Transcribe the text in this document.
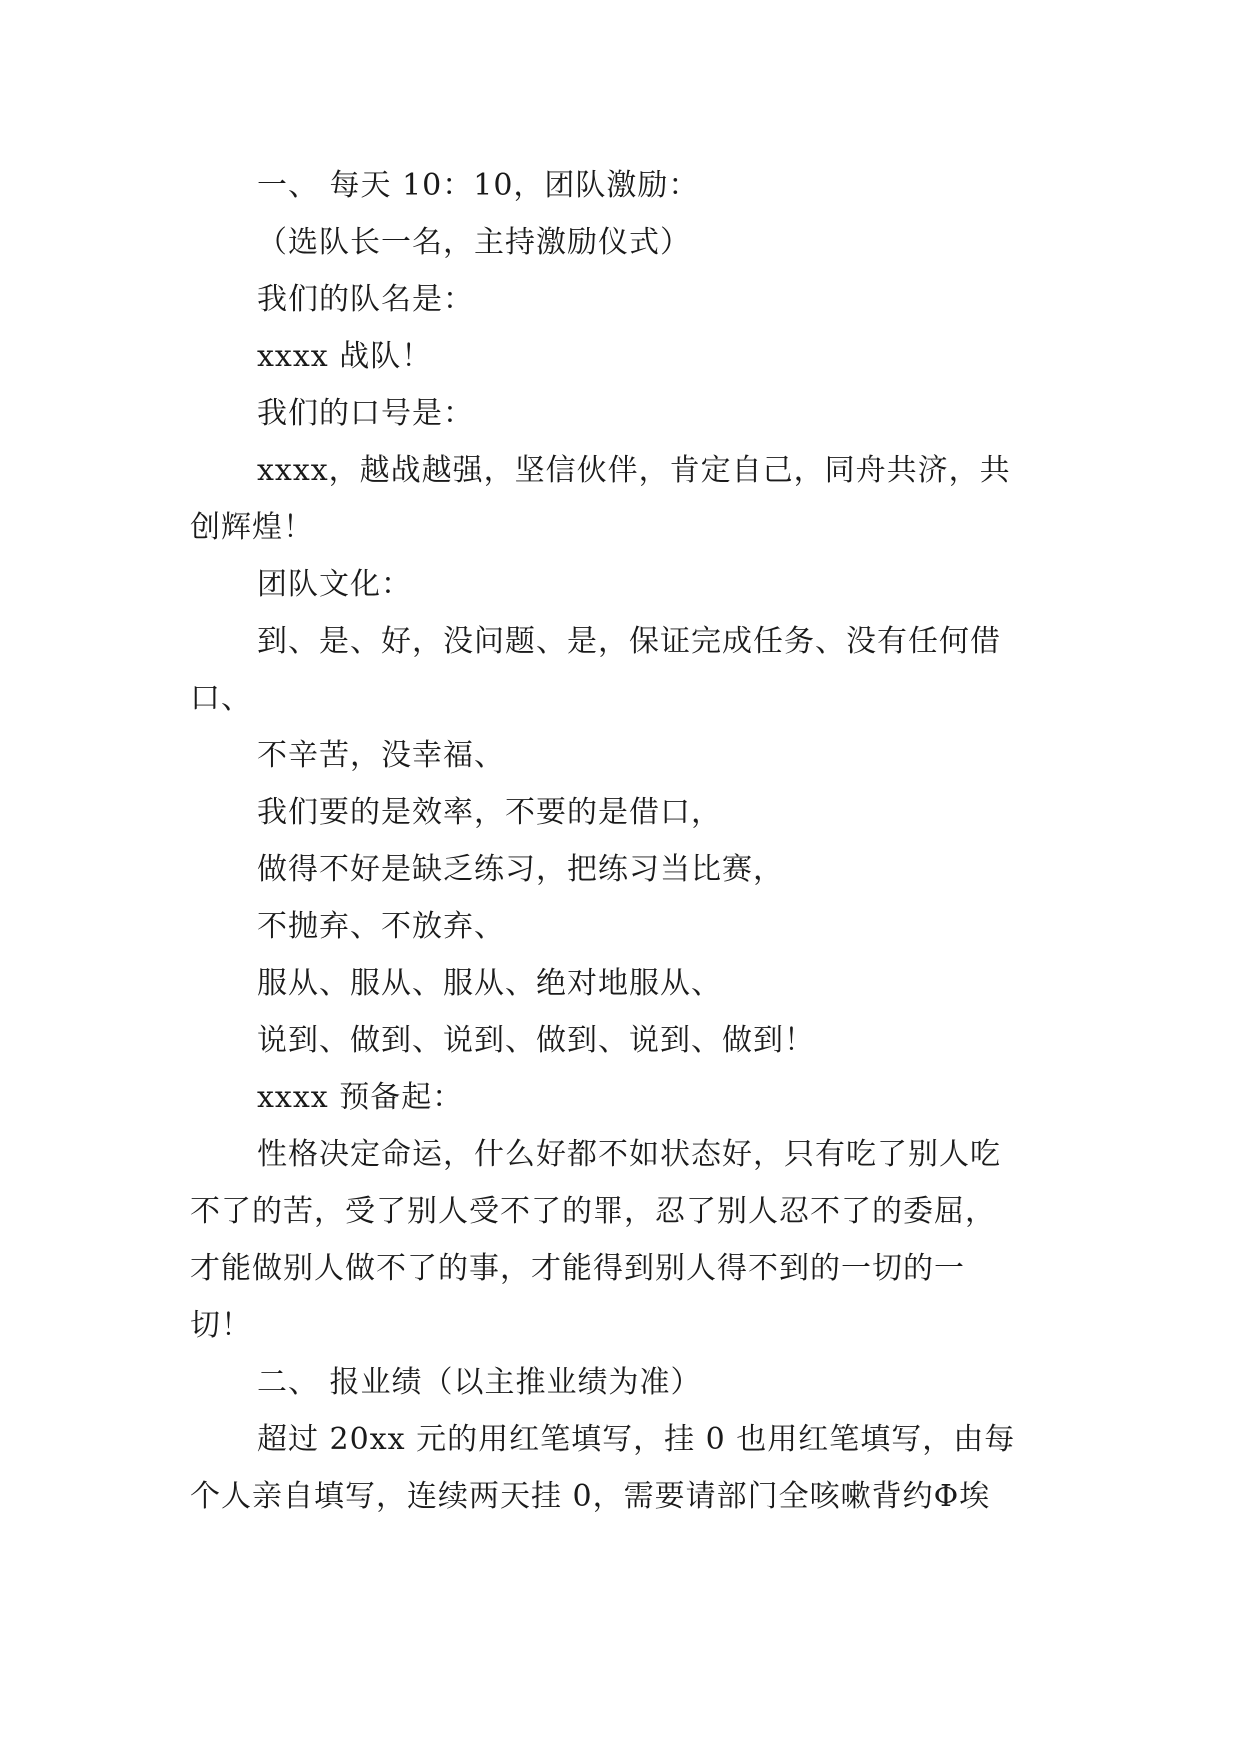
一、 每天 10：10，团队激励：

（选队长一名，主持激励仪式）

我们的队名是：

xxxx 战队！

我们的口号是：

xxxx，越战越强，坚信伙伴，肯定自己，同舟共济，共

创辉煌！

团队文化：

到、是、好，没问题、是，保证完成任务、没有任何借

口、

不辛苦，没幸福、

我们要的是效率，不要的是借口，

做得不好是缺乏练习，把练习当比赛，

不抛弃、不放弃、

服从、服从、服从、绝对地服从、

说到、做到、说到、做到、说到、做到！

xxxx 预备起：

性格决定命运，什么好都不如状态好，只有吃了别人吃

不了的苦，受了别人受不了的罪，忍了别人忍不了的委屈，

才能做别人做不了的事，才能得到别人得不到的一切的一

切！

二、 报业绩（以主推业绩为准）

超过 20xx 元的用红笔填写，挂 0 也用红笔填写，由每

个人亲自填写，连续两天挂 0，需要请部门全咳嗽背约Φ埃
